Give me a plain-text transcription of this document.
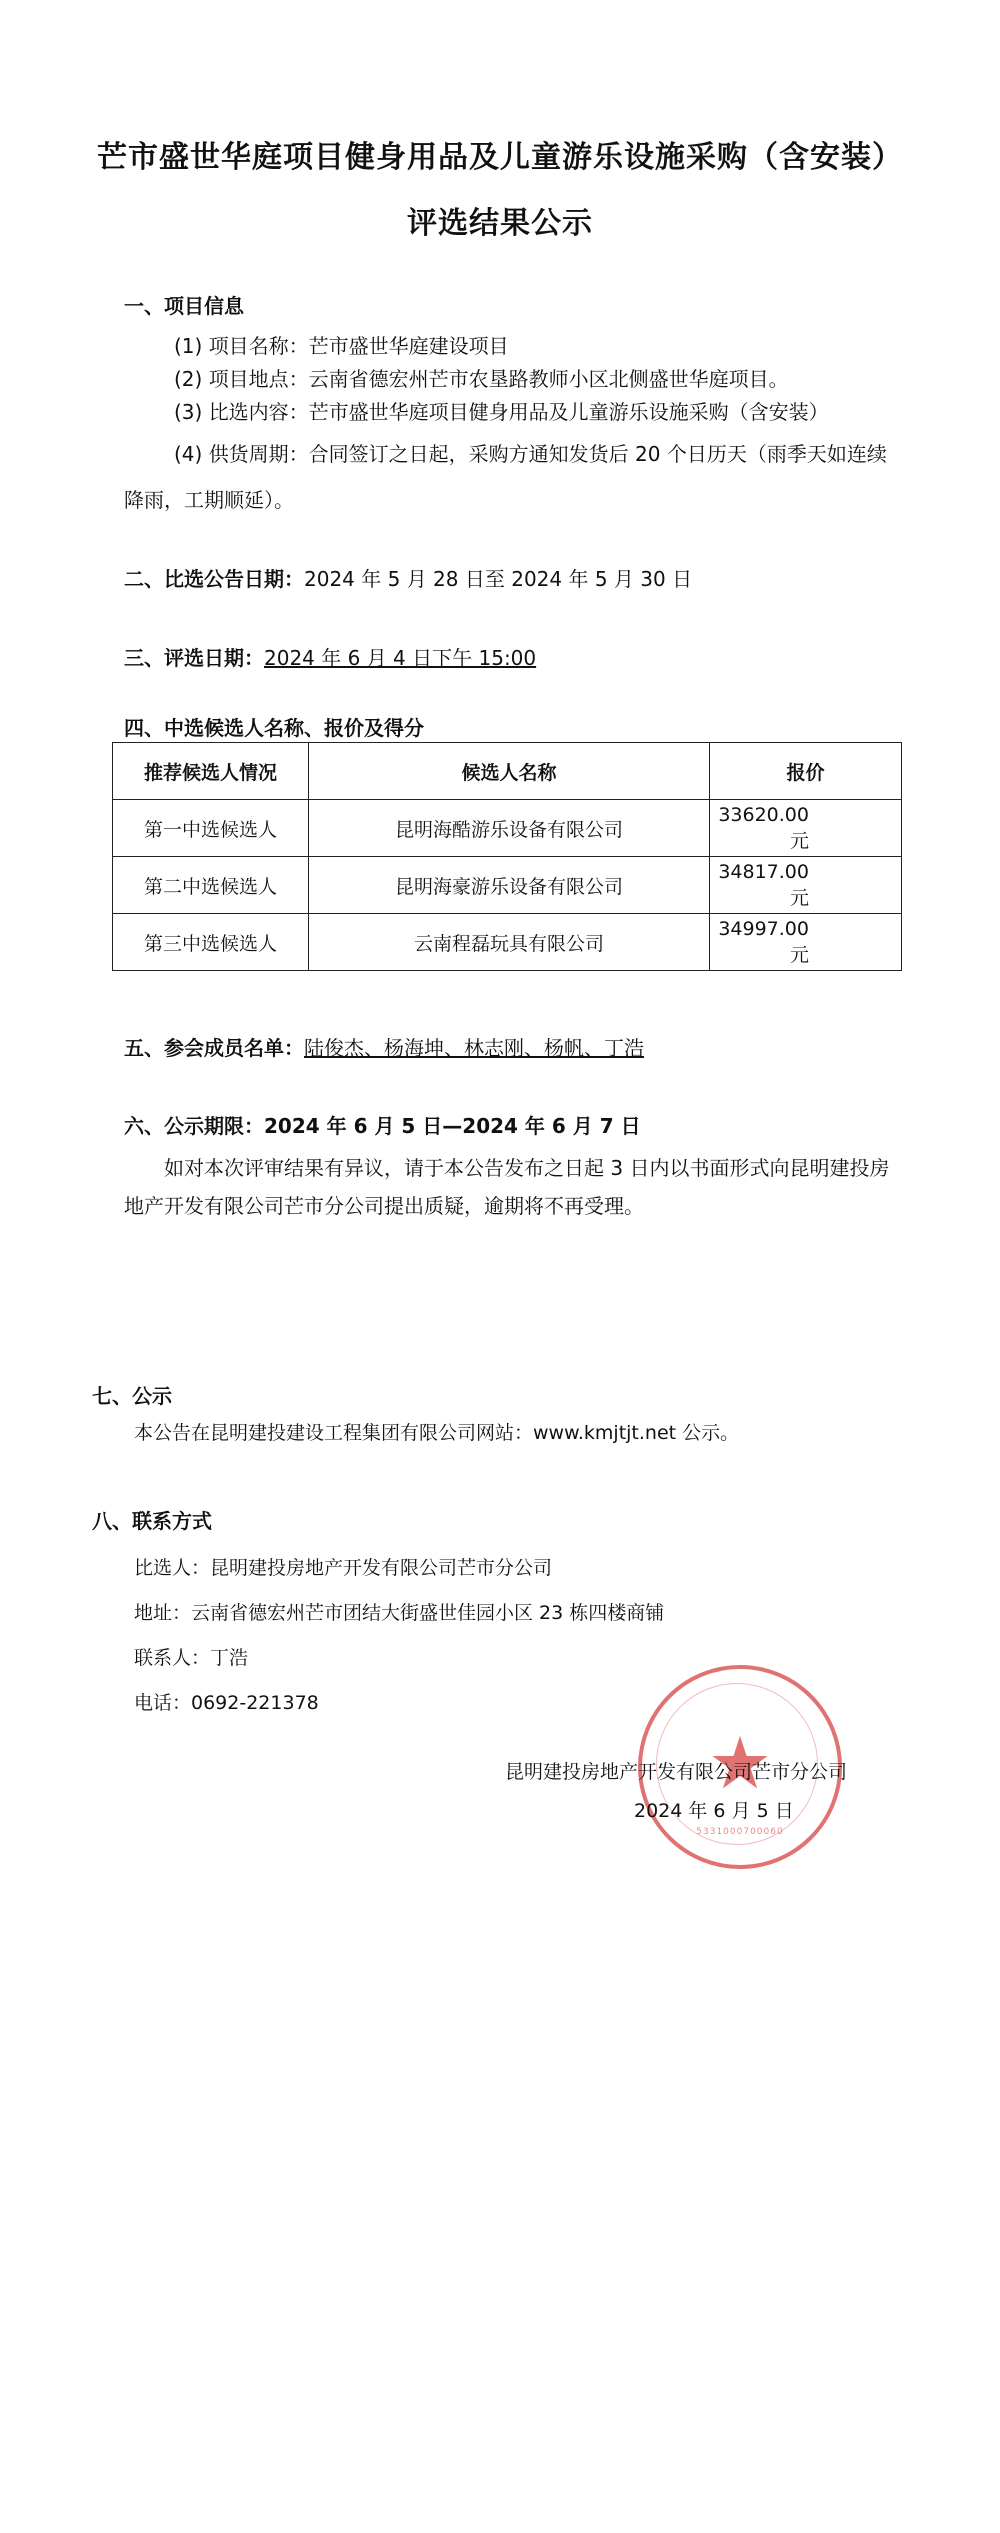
芒市盛世华庭项目健身用品及儿童游乐设施采购（含安装）
评选结果公示
一、项目信息
(1) 项目名称：芒市盛世华庭建设项目
(2) 项目地点：云南省德宏州芒市农垦路教师小区北侧盛世华庭项目。
(3) 比选内容：芒市盛世华庭项目健身用品及儿童游乐设施采购（含安装）
(4) 供货周期：合同签订之日起，采购方通知发货后 20 个日历天（雨季天如连续
降雨，工期顺延）。
二、比选公告日期：2024 年 5 月 28 日至 2024 年 5 月 30 日
三、评选日期：2024 年 6 月 4 日下午 15:00
四、中选候选人名称、报价及得分
推荐候选人情况	候选人名称	报价
第一中选候选人	昆明海酷游乐设备有限公司	33620.00 元
第二中选候选人	昆明海豪游乐设备有限公司	34817.00 元
第三中选候选人	云南程磊玩具有限公司	34997.00 元
五、参会成员名单：陆俊杰、杨海坤、林志刚、杨帆、丁浩
六、公示期限：2024 年 6 月 5 日—2024 年 6 月 7 日
如对本次评审结果有异议，请于本公告发布之日起 3 日内以书面形式向昆明建投房
地产开发有限公司芒市分公司提出质疑，逾期将不再受理。
七、公示
本公告在昆明建投建设工程集团有限公司网站：www.kmjtjt.net 公示。
八、联系方式
比选人：昆明建投房地产开发有限公司芒市分公司
地址：云南省德宏州芒市团结大街盛世佳园小区 23 栋四楼商铺
联系人：丁浩
电话：0692-221378
★
5331000700060
昆明建投房地产开发有限公司芒市分公司
2024 年 6 月 5 日
